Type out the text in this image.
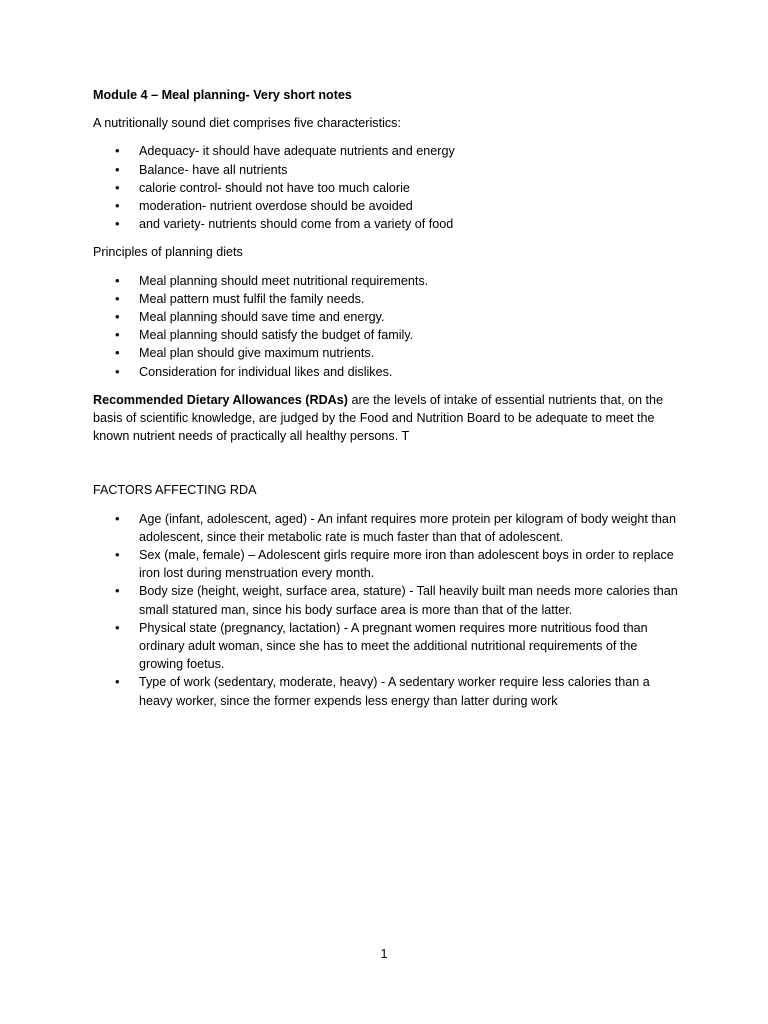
Module 4 – Meal planning- Very short notes

A nutritionally sound diet comprises five characteristics:

• Adequacy- it should have adequate nutrients and energy
• Balance- have all nutrients
• calorie control- should not have too much calorie
• moderation- nutrient overdose should be avoided
• and variety- nutrients should come from a variety of food

Principles of planning diets

• Meal planning should meet nutritional requirements.
• Meal pattern must fulfil the family needs.
• Meal planning should save time and energy.
• Meal planning should satisfy the budget of family.
• Meal plan should give maximum nutrients.
• Consideration for individual likes and dislikes.

Recommended Dietary Allowances (RDAs) are the levels of intake of essential nutrients that, on the basis of scientific knowledge, are judged by the Food and Nutrition Board to be adequate to meet the known nutrient needs of practically all healthy persons. T

FACTORS AFFECTING RDA

• Age (infant, adolescent, aged) - An infant requires more protein per kilogram of body weight than adolescent, since their metabolic rate is much faster than that of adolescent.
• Sex (male, female) – Adolescent girls require more iron than adolescent boys in order to replace iron lost during menstruation every month.
• Body size (height, weight, surface area, stature) - Tall heavily built man needs more calories than small statured man, since his body surface area is more than that of the latter.
• Physical state (pregnancy, lactation) - A pregnant women requires more nutritious food than ordinary adult woman, since she has to meet the additional nutritional requirements of the growing foetus.
• Type of work (sedentary, moderate, heavy) - A sedentary worker require less calories than a heavy worker, since the former expends less energy than latter during work
1
